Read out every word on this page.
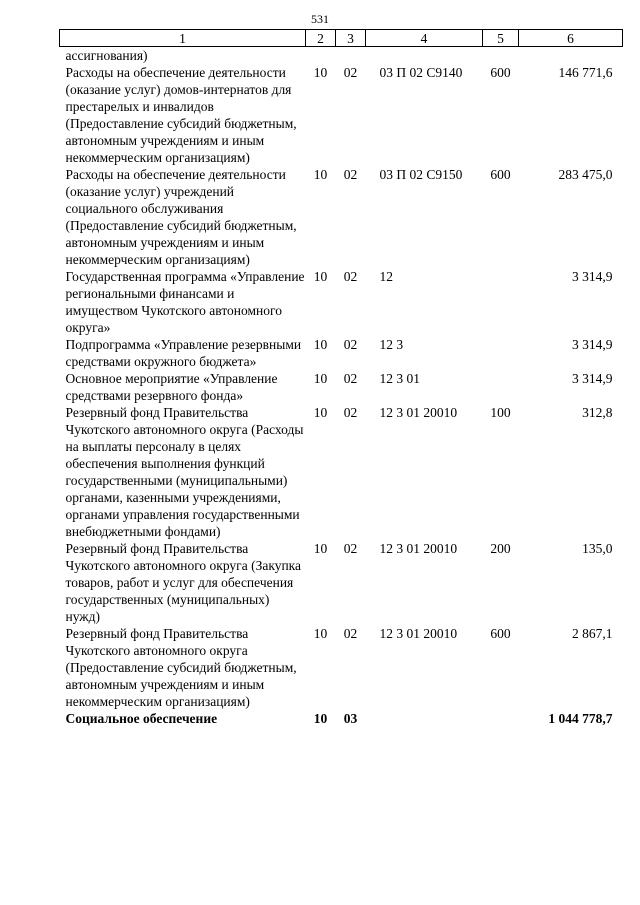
531
1	2	3	4	5	6
ассигнования)					
Расходы на обеспечение деятельности (оказание услуг) домов-интернатов для престарелых и инвалидов (Предоставление субсидий бюджетным, автономным учреждениям и иным некоммерческим организациям)	10	02	03 П 02 С9140	600	146 771,6
Расходы на обеспечение деятельности (оказание услуг) учреждений социального обслуживания (Предоставление субсидий бюджетным, автономным учреждениям и иным некоммерческим организациям)	10	02	03 П 02 С9150	600	283 475,0
Государственная программа «Управление региональными финансами и имуществом Чукотского автономного округа»	10	02	12		3 314,9
Подпрограмма «Управление резервными средствами окружного бюджета»	10	02	12 3		3 314,9
Основное мероприятие «Управление средствами резервного фонда»	10	02	12 3 01		3 314,9
Резервный фонд Правительства Чукотского автономного округа (Расходы на выплаты персоналу в целях обеспечения выполнения функций государственными (муниципальными) органами, казенными учреждениями, органами управления государственными внебюджетными фондами)	10	02	12 3 01 20010	100	312,8
Резервный фонд Правительства Чукотского автономного округа (Закупка товаров, работ и услуг для обеспечения государственных (муниципальных) нужд)	10	02	12 3 01 20010	200	135,0
Резервный фонд Правительства Чукотского автономного округа (Предоставление субсидий бюджетным, автономным учреждениям и иным некоммерческим организациям)	10	02	12 3 01 20010	600	2 867,1
Социальное обеспечение	10	03			1 044 778,7
